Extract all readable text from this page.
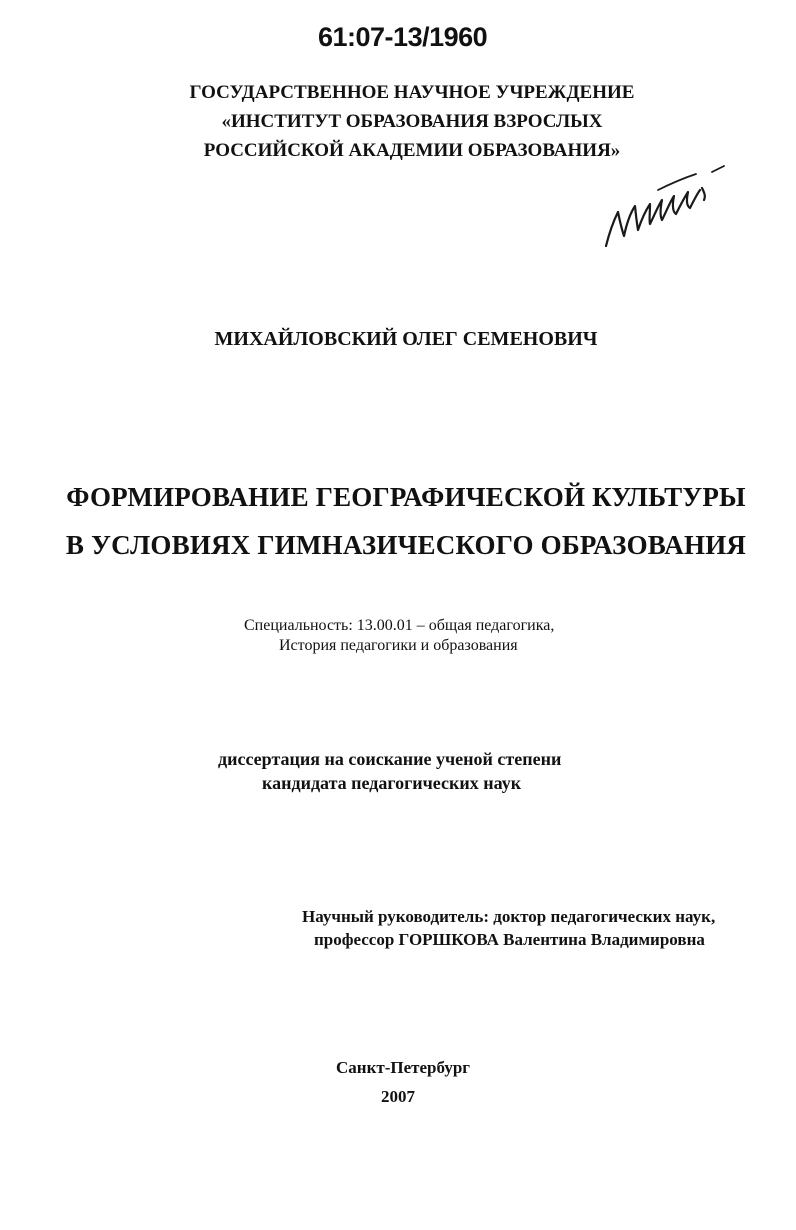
61:07-13/1960
ГОСУДАРСТВЕННОЕ НАУЧНОЕ УЧРЕЖДЕНИЕ
«ИНСТИТУТ ОБРАЗОВАНИЯ ВЗРОСЛЫХ
РОССИЙСКОЙ АКАДЕМИИ ОБРАЗОВАНИЯ»
МИХАЙЛОВСКИЙ ОЛЕГ СЕМЕНОВИЧ
ФОРМИРОВАНИЕ ГЕОГРАФИЧЕСКОЙ КУЛЬТУРЫ
В УСЛОВИЯХ ГИМНАЗИЧЕСКОГО ОБРАЗОВАНИЯ
Специальность: 13.00.01 – общая педагогика,
История педагогики и образования
диссертация на соискание ученой степени
кандидата педагогических наук
Научный руководитель: доктор педагогических наук,
профессор ГОРШКОВА Валентина Владимировна
Санкт-Петербург
2007
